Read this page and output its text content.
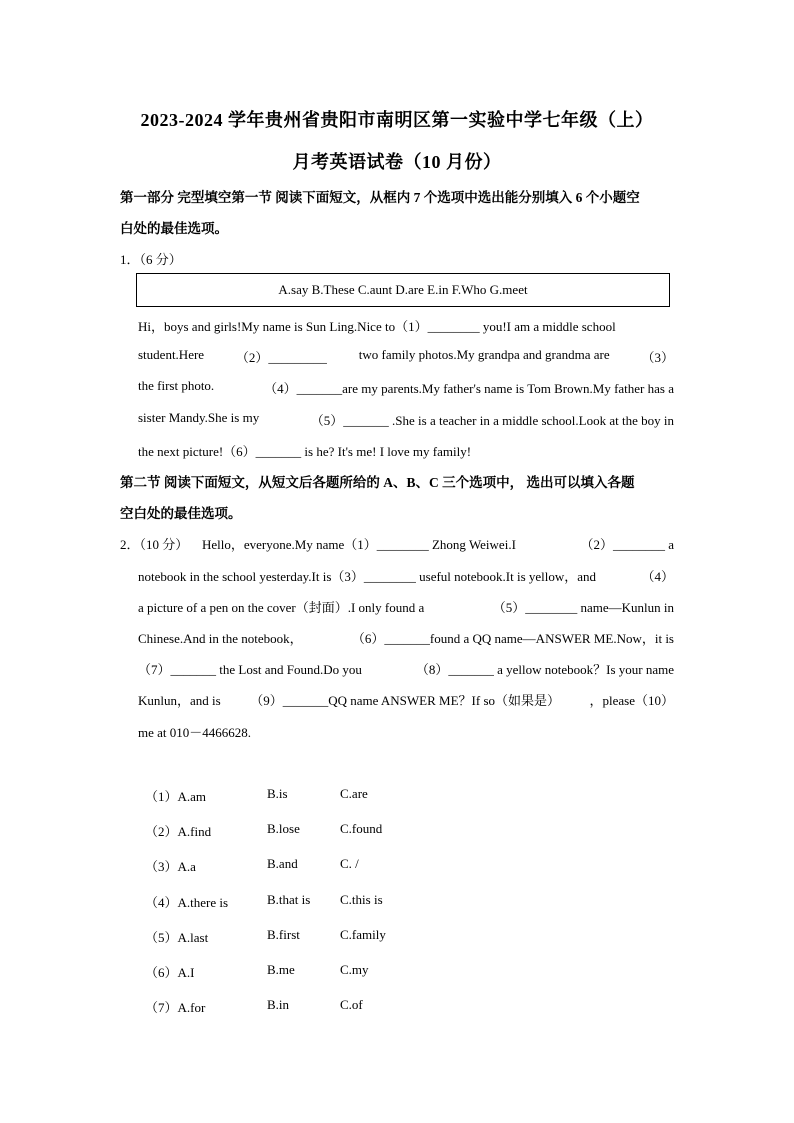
2023-2024 学年贵州省贵阳市南明区第一实验中学七年级（上）
月考英语试卷（10 月份）
第一部分 完型填空第一节 阅读下面短文，从框内 7 个选项中选出能分别填入 6 个小题空
白处的最佳选项。
1．（6 分）
A.say B.These C.aunt D.are E.in F.Who G.meet
Hi，boys and girls!My name is Sun Ling.Nice to（1）________ you!I am a middle school
student.Here （2）_________ two family photos.My grandpa and grandma are （3）
the first photo.	（4）_______are my parents.My father's name is Tom Brown.My father has a
sister Mandy.She is my	（5）_______ .She is a teacher in a middle school.Look at the boy in
the next picture!（6）_______ is he? It's me! I love my family!
第二节 阅读下面短文，从短文后各题所给的 A、B、C 三个选项中， 选出可以填入各题
空白处的最佳选项。
2．（10 分） Hello，everyone.My name（1）________ Zhong Weiwei.I	（2）________ a
notebook in the school yesterday.It is（3）________ useful notebook.It is yellow，and	（4）
a picture of a pen on the cover（封面）.I only found a	（5）________ name—Kunlun in
Chinese.And in the notebook，	（6）_______found a QQ name—ANSWER ME.Now，it is
（7）_______ the Lost and Found.Do you	（8）_______ a yellow notebook？Is your name
Kunlun，and is （9）_______QQ name ANSWER ME？If so（如果是） ，please（10）
me at 010－4466628.
（1）A.am	B.is	C.are
（2）A.find	B.lose	C.found
（3）A.a	B.and	C. /
（4）A.there is	B.that is C.this is
（5）A.last	B.first	C.family
（6）A.I	B.me	C.my
（7）A.for	B.in	C.of
